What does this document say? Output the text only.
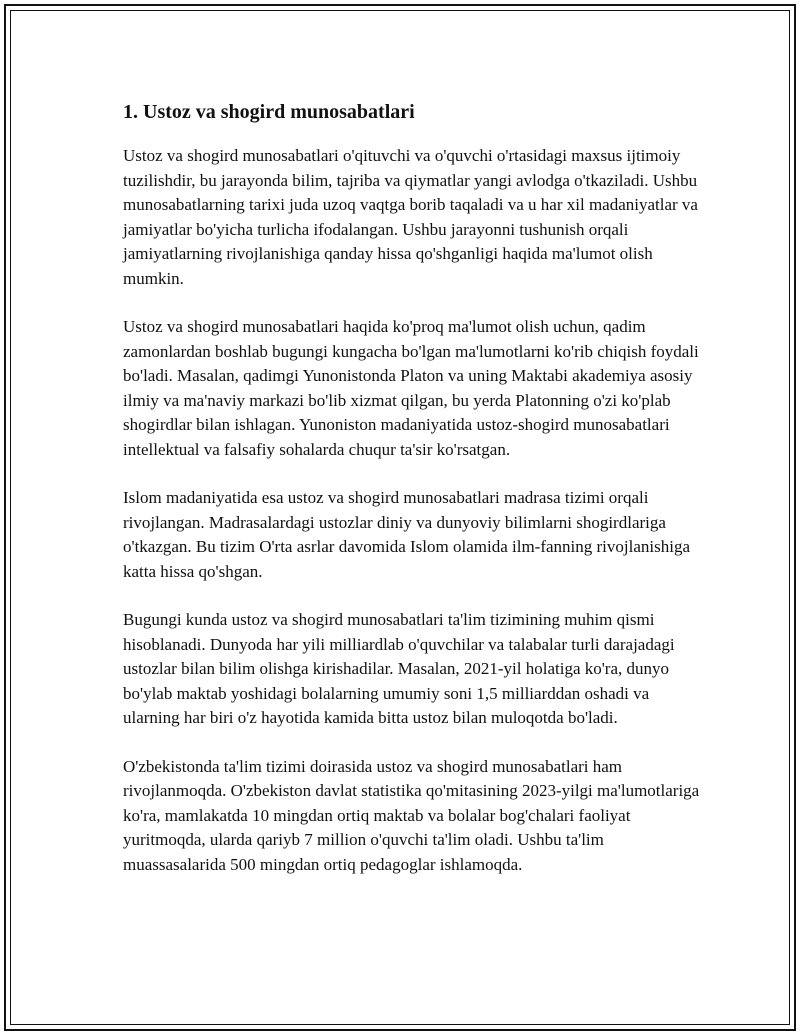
1. Ustoz va shogird munosabatlari

Ustoz va shogird munosabatlari o'qituvchi va o'quvchi o'rtasidagi maxsus ijtimoiy tuzilishdir, bu jarayonda bilim, tajriba va qiymatlar yangi avlodga o'tkaziladi. Ushbu munosabatlarning tarixi juda uzoq vaqtga borib taqaladi va u har xil madaniyatlar va jamiyatlar bo'yicha turlicha ifodalangan. Ushbu jarayonni tushunish orqali jamiyatlarning rivojlanishiga qanday hissa qo'shganligi haqida ma'lumot olish mumkin.

Ustoz va shogird munosabatlari haqida ko'proq ma'lumot olish uchun, qadim zamonlardan boshlab bugungi kungacha bo'lgan ma'lumotlarni ko'rib chiqish foydali bo'ladi. Masalan, qadimgi Yunonistonda Platon va uning Maktabi akademiya asosiy ilmiy va ma'naviy markazi bo'lib xizmat qilgan, bu yerda Platonning o'zi ko'plab shogirdlar bilan ishlagan. Yunoniston madaniyatida ustoz-shogird munosabatlari intellektual va falsafiy sohalarda chuqur ta'sir ko'rsatgan.

Islom madaniyatida esa ustoz va shogird munosabatlari madrasa tizimi orqali rivojlangan. Madrasalardagi ustozlar diniy va dunyoviy bilimlarni shogirdlariga o'tkazgan. Bu tizim O'rta asrlar davomida Islom olamida ilm-fanning rivojlanishiga katta hissa qo'shgan.

Bugungi kunda ustoz va shogird munosabatlari ta'lim tizimining muhim qismi hisoblanadi. Dunyoda har yili milliardlab o'quvchilar va talabalar turli darajadagi ustozlar bilan bilim olishga kirishadilar. Masalan, 2021-yil holatiga ko'ra, dunyo bo'ylab maktab yoshidagi bolalarning umumiy soni 1,5 milliarddan oshadi va ularning har biri o'z hayotida kamida bitta ustoz bilan muloqotda bo'ladi.

O'zbekistonda ta'lim tizimi doirasida ustoz va shogird munosabatlari ham rivojlanmoqda. O'zbekiston davlat statistika qo'mitasining 2023-yilgi ma'lumotlariga ko'ra, mamlakatda 10 mingdan ortiq maktab va bolalar bog'chalari faoliyat yuritmoqda, ularda qariyb 7 million o'quvchi ta'lim oladi. Ushbu ta'lim muassasalarida 500 mingdan ortiq pedagoglar ishlamoqda.
